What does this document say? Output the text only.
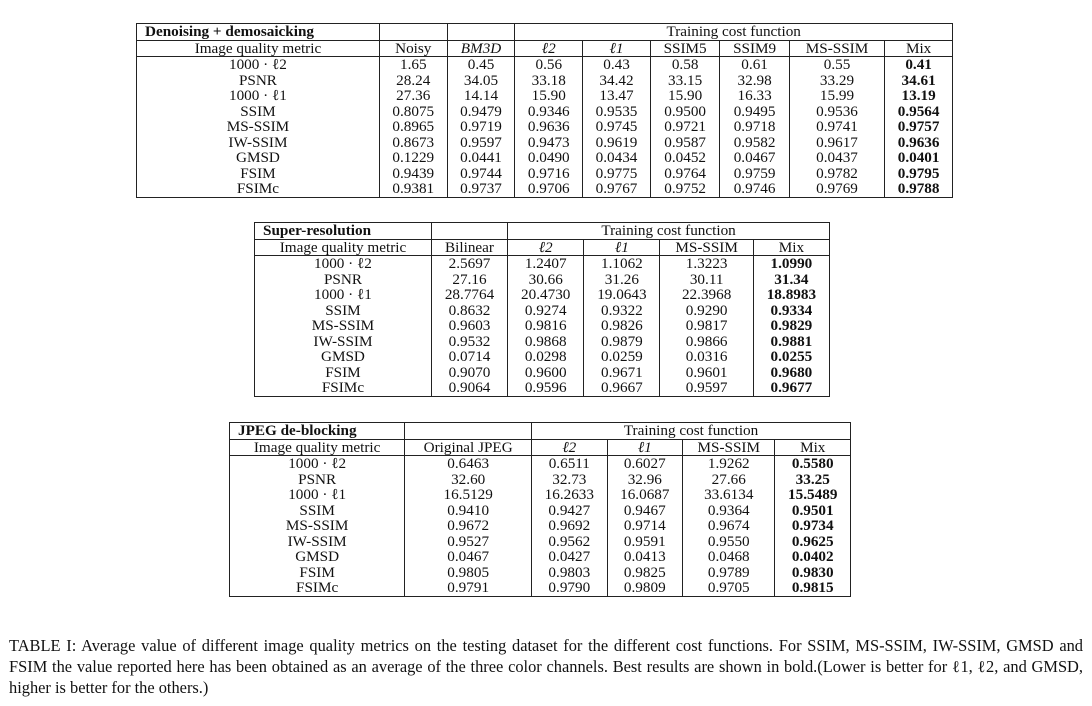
Denoising + demosaicking			Training cost function					
Image quality metric	Noisy	BM3D	ℓ2	ℓ1	SSIM5	SSIM9	MS-SSIM	Mix
1000 · ℓ2	1.65	0.45	0.56	0.43	0.58	0.61	0.55	0.41
PSNR	28.24	34.05	33.18	34.42	33.15	32.98	33.29	34.61
1000 · ℓ1	27.36	14.14	15.90	13.47	15.90	16.33	15.99	13.19
SSIM	0.8075	0.9479	0.9346	0.9535	0.9500	0.9495	0.9536	0.9564
MS-SSIM	0.8965	0.9719	0.9636	0.9745	0.9721	0.9718	0.9741	0.9757
IW-SSIM	0.8673	0.9597	0.9473	0.9619	0.9587	0.9582	0.9617	0.9636
GMSD	0.1229	0.0441	0.0490	0.0434	0.0452	0.0467	0.0437	0.0401
FSIM	0.9439	0.9744	0.9716	0.9775	0.9764	0.9759	0.9782	0.9795
FSIMc	0.9381	0.9737	0.9706	0.9767	0.9752	0.9746	0.9769	0.9788
Super-resolution		Training cost function			
Image quality metric	Bilinear	ℓ2	ℓ1	MS-SSIM	Mix
1000 · ℓ2	2.5697	1.2407	1.1062	1.3223	1.0990
PSNR	27.16	30.66	31.26	30.11	31.34
1000 · ℓ1	28.7764	20.4730	19.0643	22.3968	18.8983
SSIM	0.8632	0.9274	0.9322	0.9290	0.9334
MS-SSIM	0.9603	0.9816	0.9826	0.9817	0.9829
IW-SSIM	0.9532	0.9868	0.9879	0.9866	0.9881
GMSD	0.0714	0.0298	0.0259	0.0316	0.0255
FSIM	0.9070	0.9600	0.9671	0.9601	0.9680
FSIMc	0.9064	0.9596	0.9667	0.9597	0.9677
JPEG de-blocking		Training cost function			
Image quality metric	Original JPEG	ℓ2	ℓ1	MS-SSIM	Mix
1000 · ℓ2	0.6463	0.6511	0.6027	1.9262	0.5580
PSNR	32.60	32.73	32.96	27.66	33.25
1000 · ℓ1	16.5129	16.2633	16.0687	33.6134	15.5489
SSIM	0.9410	0.9427	0.9467	0.9364	0.9501
MS-SSIM	0.9672	0.9692	0.9714	0.9674	0.9734
IW-SSIM	0.9527	0.9562	0.9591	0.9550	0.9625
GMSD	0.0467	0.0427	0.0413	0.0468	0.0402
FSIM	0.9805	0.9803	0.9825	0.9789	0.9830
FSIMc	0.9791	0.9790	0.9809	0.9705	0.9815
TABLE I: Average value of different image quality metrics on the testing dataset for the different cost functions. For SSIM, MS-SSIM, IW-SSIM, GMSD and FSIM the value reported here has been obtained as an average of the three color channels. Best results are shown in bold.(Lower is better for ℓ1, ℓ2, and GMSD, higher is better for the others.)
